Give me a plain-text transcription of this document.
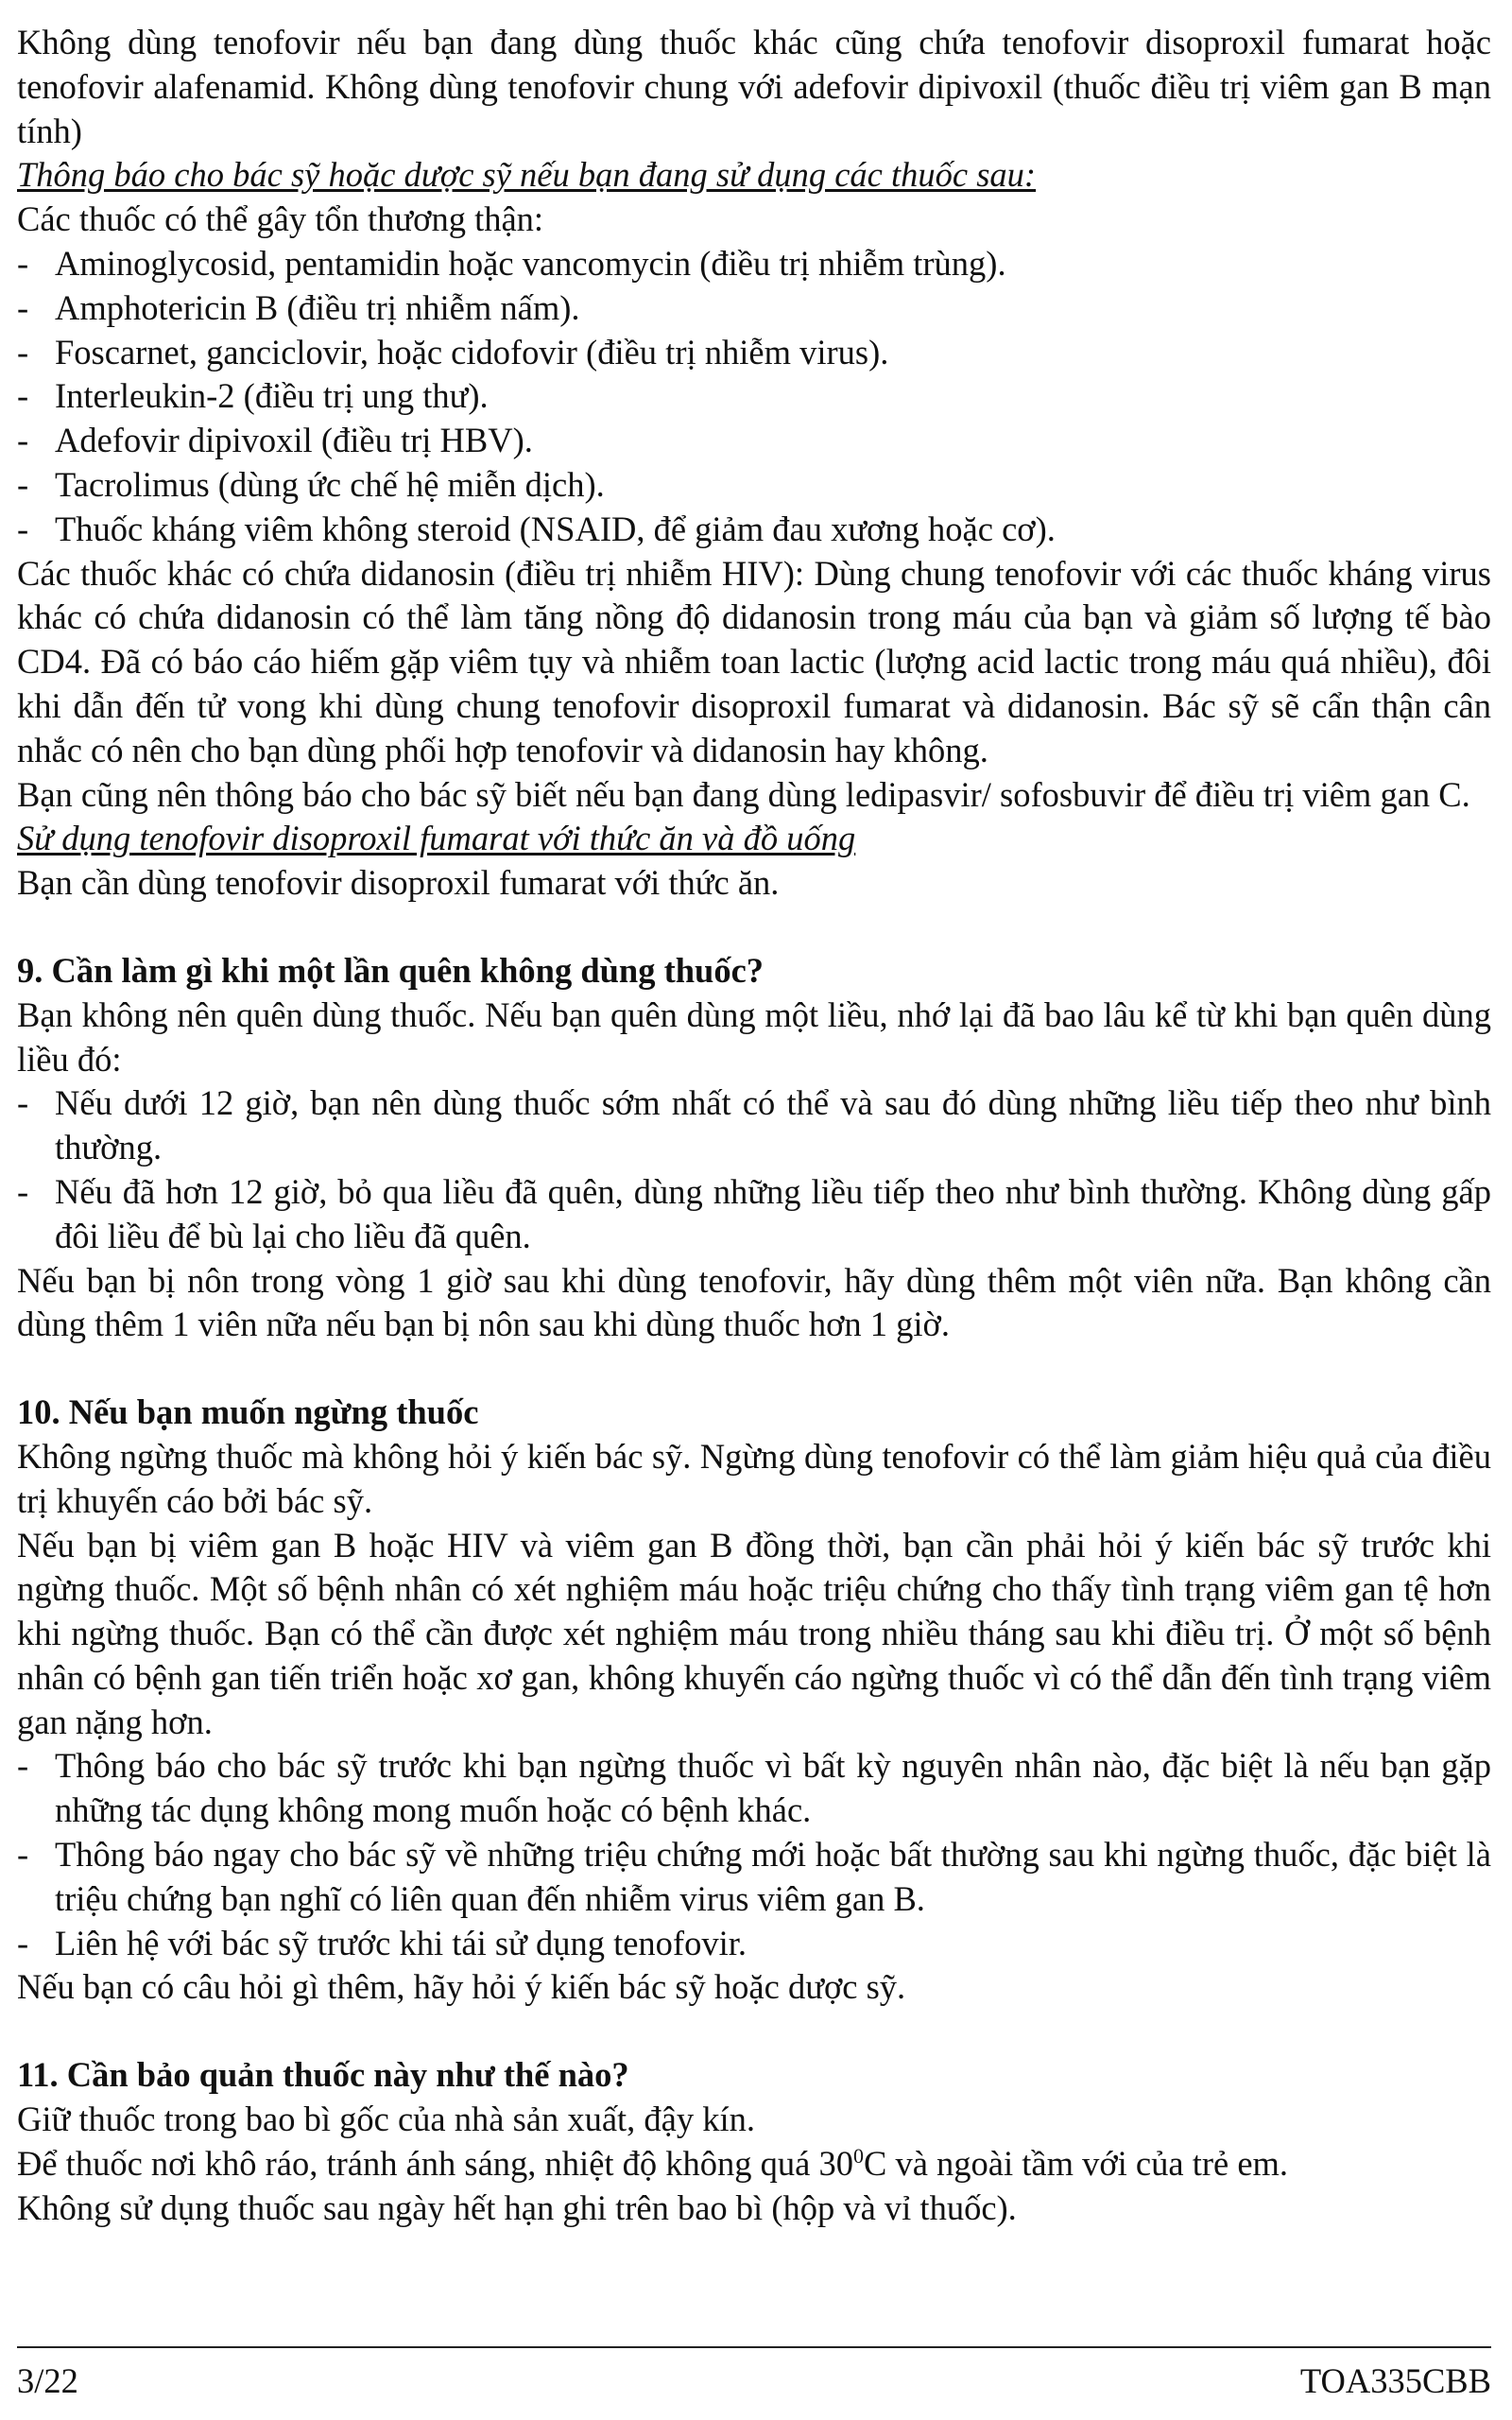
Không dùng tenofovir nếu bạn đang dùng thuốc khác cũng chứa tenofovir disoproxil fumarat hoặc tenofovir alafenamid. Không dùng tenofovir chung với adefovir dipivoxil (thuốc điều trị viêm gan B mạn tính)

Thông báo cho bác sỹ hoặc dược sỹ nếu bạn đang sử dụng các thuốc sau:

Các thuốc có thể gây tổn thương thận:

- Aminoglycosid, pentamidin hoặc vancomycin (điều trị nhiễm trùng).
- Amphotericin B (điều trị nhiễm nấm).
- Foscarnet, ganciclovir, hoặc cidofovir (điều trị nhiễm virus).
- Interleukin-2 (điều trị ung thư).
- Adefovir dipivoxil (điều trị HBV).
- Tacrolimus (dùng ức chế hệ miễn dịch).
- Thuốc kháng viêm không steroid (NSAID, để giảm đau xương hoặc cơ).

Các thuốc khác có chứa didanosin (điều trị nhiễm HIV): Dùng chung tenofovir với các thuốc kháng virus khác có chứa didanosin có thể làm tăng nồng độ didanosin trong máu của bạn và giảm số lượng tế bào CD4. Đã có báo cáo hiếm gặp viêm tụy và nhiễm toan lactic (lượng acid lactic trong máu quá nhiều), đôi khi dẫn đến tử vong khi dùng chung tenofovir disoproxil fumarat và didanosin. Bác sỹ sẽ cẩn thận cân nhắc có nên cho bạn dùng phối hợp tenofovir và didanosin hay không.

Bạn cũng nên thông báo cho bác sỹ biết nếu bạn đang dùng ledipasvir/ sofosbuvir để điều trị viêm gan C.

Sử dụng tenofovir disoproxil fumarat với thức ăn và đồ uống

Bạn cần dùng tenofovir disoproxil fumarat với thức ăn.

9. Cần làm gì khi một lần quên không dùng thuốc?

Bạn không nên quên dùng thuốc. Nếu bạn quên dùng một liều, nhớ lại đã bao lâu kể từ khi bạn quên dùng liều đó:

- Nếu dưới 12 giờ, bạn nên dùng thuốc sớm nhất có thể và sau đó dùng những liều tiếp theo như bình thường.
- Nếu đã hơn 12 giờ, bỏ qua liều đã quên, dùng những liều tiếp theo như bình thường. Không dùng gấp đôi liều để bù lại cho liều đã quên.

Nếu bạn bị nôn trong vòng 1 giờ sau khi dùng tenofovir, hãy dùng thêm một viên nữa. Bạn không cần dùng thêm 1 viên nữa nếu bạn bị nôn sau khi dùng thuốc hơn 1 giờ.

10. Nếu bạn muốn ngừng thuốc

Không ngừng thuốc mà không hỏi ý kiến bác sỹ. Ngừng dùng tenofovir có thể làm giảm hiệu quả của điều trị khuyến cáo bởi bác sỹ.

Nếu bạn bị viêm gan B hoặc HIV và viêm gan B đồng thời, bạn cần phải hỏi ý kiến bác sỹ trước khi ngừng thuốc. Một số bệnh nhân có xét nghiệm máu hoặc triệu chứng cho thấy tình trạng viêm gan tệ hơn khi ngừng thuốc. Bạn có thể cần được xét nghiệm máu trong nhiều tháng sau khi điều trị. Ở một số bệnh nhân có bệnh gan tiến triển hoặc xơ gan, không khuyến cáo ngừng thuốc vì có thể dẫn đến tình trạng viêm gan nặng hơn.

- Thông báo cho bác sỹ trước khi bạn ngừng thuốc vì bất kỳ nguyên nhân nào, đặc biệt là nếu bạn gặp những tác dụng không mong muốn hoặc có bệnh khác.
- Thông báo ngay cho bác sỹ về những triệu chứng mới hoặc bất thường sau khi ngừng thuốc, đặc biệt là triệu chứng bạn nghĩ có liên quan đến nhiễm virus viêm gan B.
- Liên hệ với bác sỹ trước khi tái sử dụng tenofovir.

Nếu bạn có câu hỏi gì thêm, hãy hỏi ý kiến bác sỹ hoặc dược sỹ.

11. Cần bảo quản thuốc này như thế nào?

Giữ thuốc trong bao bì gốc của nhà sản xuất, đậy kín.

Để thuốc nơi khô ráo, tránh ánh sáng, nhiệt độ không quá $30^0C$ và ngoài tầm với của trẻ em.

Không sử dụng thuốc sau ngày hết hạn ghi trên bao bì (hộp và vỉ thuốc).

3/22	TOA335CBB
